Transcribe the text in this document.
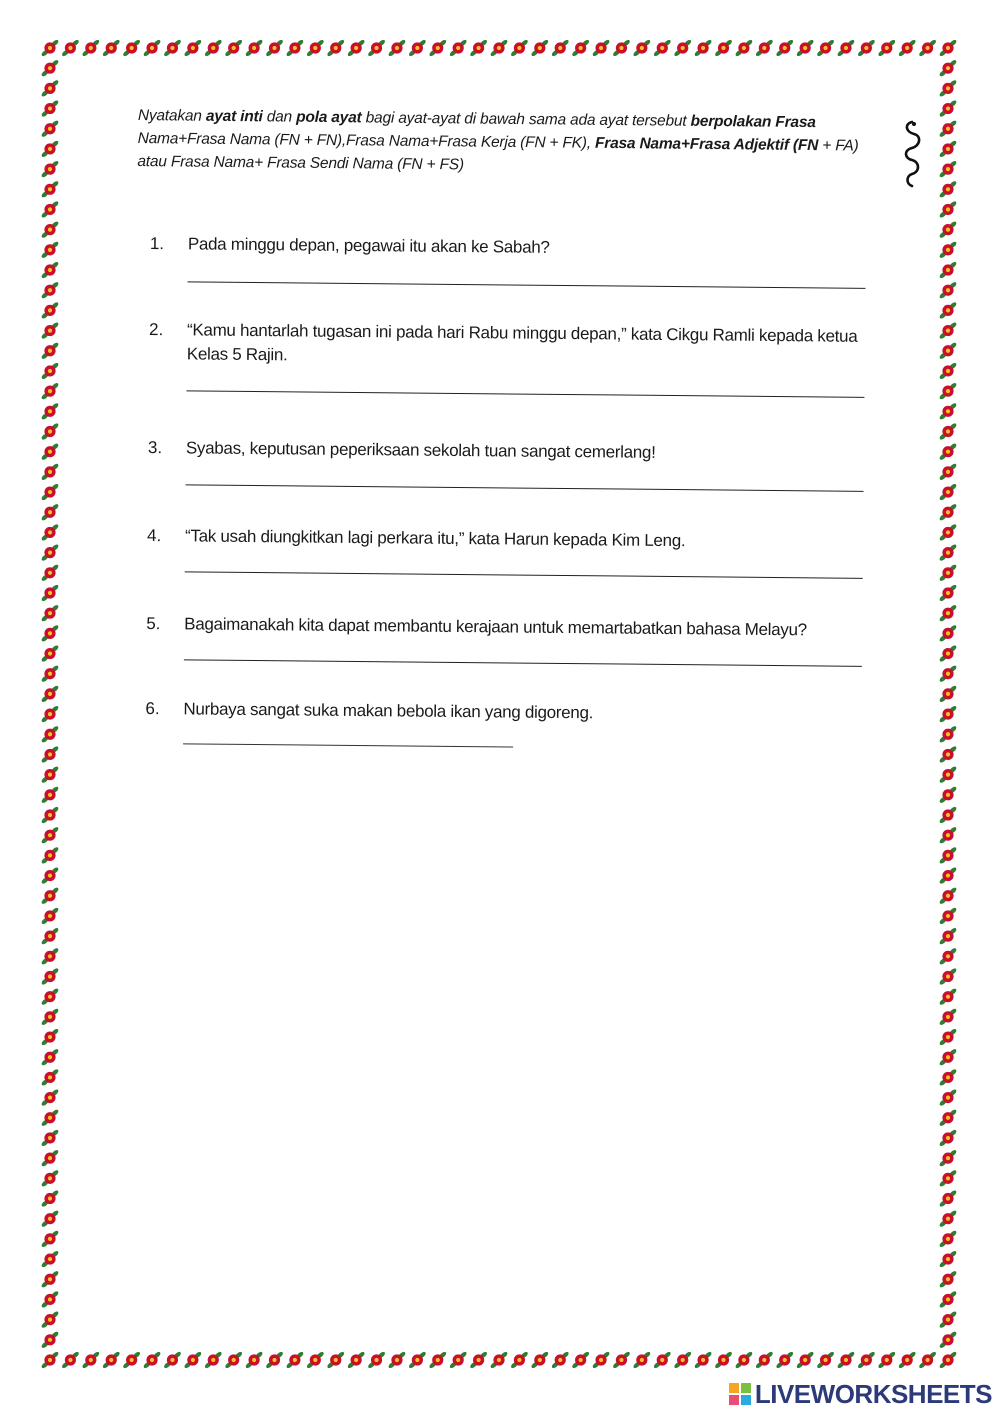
Nyatakan ayat inti dan pola ayat bagi ayat-ayat di bawah sama ada ayat tersebut berpolakan Frasa Nama+Frasa Nama (FN + FN),Frasa Nama+Frasa Kerja (FN + FK), Frasa Nama+Frasa Adjektif (FN + FA) atau Frasa Nama+ Frasa Sendi Nama (FN + FS)
1.	Pada minggu depan, pegawai itu akan ke Sabah?
2.	“Kamu hantarlah tugasan ini pada hari Rabu minggu depan,” kata Cikgu Ramli kepada ketua Kelas 5 Rajin.
3.	Syabas, keputusan peperiksaan sekolah tuan sangat cemerlang!
4.	“Tak usah diungkitkan lagi perkara itu,” kata Harun kepada Kim Leng.
5.	Bagaimanakah kita dapat membantu kerajaan untuk memartabatkan bahasa Melayu?
6.	Nurbaya sangat suka makan bebola ikan yang digoreng.
LIVEWORKSHEETS
